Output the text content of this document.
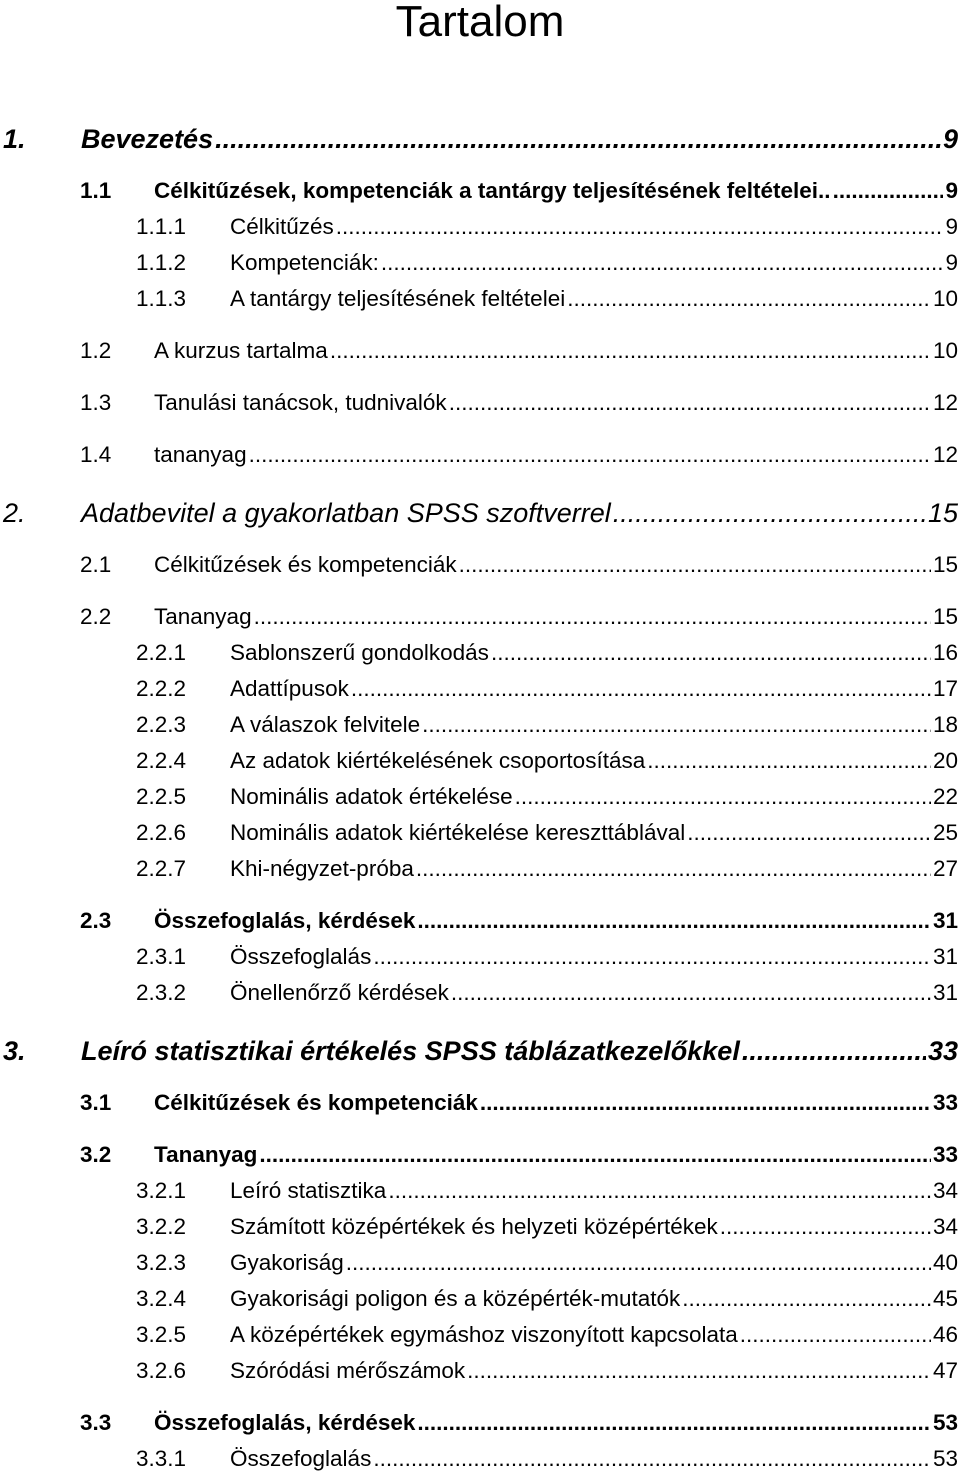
Tartalom
1.	Bevezetés .....	9
1.1	Célkitűzések, kompetenciák a tantárgy teljesítésének feltételei.. .....	9
1.1.1	Célkitűzés .....	9
1.1.2	Kompetenciák: .....	9
1.1.3	A tantárgy teljesítésének feltételei .....	10
1.2	A kurzus tartalma .....	10
1.3	Tanulási tanácsok, tudnivalók .....	12
1.4	tananyag .....	12
2.	Adatbevitel a gyakorlatban SPSS szoftverrel .....	15
2.1	Célkitűzések és kompetenciák .....	15
2.2	Tananyag .....	15
2.2.1	Sablonszerű gondolkodás .....	16
2.2.2	Adattípusok .....	17
2.2.3	A válaszok felvitele .....	18
2.2.4	Az adatok kiértékelésének csoportosítása .....	20
2.2.5	Nominális adatok értékelése .....	22
2.2.6	Nominális adatok kiértékelése kereszttáblával .....	25
2.2.7	Khi-négyzet-próba .....	27
2.3	Összefoglalás, kérdések .....	31
2.3.1	Összefoglalás .....	31
2.3.2	Önellenőrző kérdések .....	31
3.	Leíró statisztikai értékelés SPSS táblázatkezelőkkel .....	33
3.1	Célkitűzések és kompetenciák .....	33
3.2	Tananyag .....	33
3.2.1	Leíró statisztika .....	34
3.2.2	Számított középértékek és helyzeti középértékek .....	34
3.2.3	Gyakoriság .....	40
3.2.4	Gyakorisági poligon és a középérték-mutatók .....	45
3.2.5	A középértékek egymáshoz viszonyított kapcsolata .....	46
3.2.6	Szóródási mérőszámok .....	47
3.3	Összefoglalás, kérdések .....	53
3.3.1	Összefoglalás .....	53
